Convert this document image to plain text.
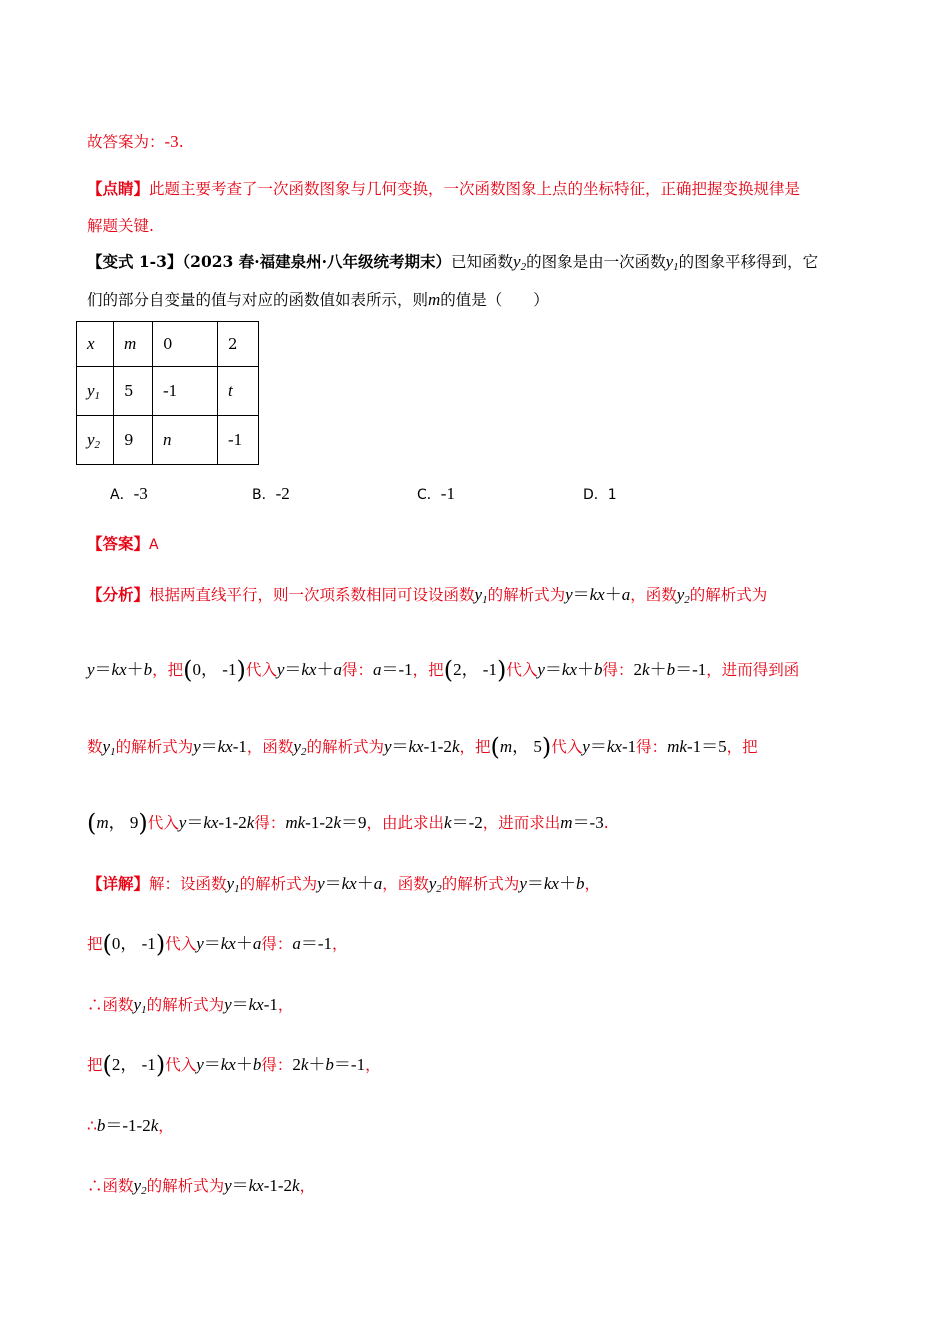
故答案为：-3.
【点睛】此题主要考查了一次函数图象与几何变换，一次函数图象上点的坐标特征，正确把握变换规律是
解题关键.
【变式 1-3】（2023 春·福建泉州·八年级统考期末）已知函数$y_2$的图象是由一次函数$y_1$的图象平移得到，它
们的部分自变量的值与对应的函数值如表所示，则m的值是（　　）
x	m	0	2
$y_1$	5	-1	t
$y_2$	9	n	-1
A．-3	B．-2	C．-1	D．1
【答案】A
【分析】根据两直线平行，则一次项系数相同可设设函数$y_1$的解析式为y＝kx＋a，函数$y_2$的解析式为
y＝kx＋b，把(0， -1)代入y＝kx＋a得：a＝-1，把(2， -1)代入y＝kx＋b得：2k＋b＝-1，进而得到函
数$y_1$的解析式为y＝kx-1，函数$y_2$的解析式为y＝kx-1-2k，把(m， 5)代入y＝kx-1得：mk-1＝5，把
(m， 9)代入y＝kx-1-2k得：mk-1-2k＝9，由此求出k＝-2，进而求出m＝-3.
【详解】解：设函数$y_1$的解析式为y＝kx＋a，函数$y_2$的解析式为y＝kx＋b，
把(0， -1)代入y＝kx＋a得：a＝-1，
∴函数$y_1$的解析式为y＝kx-1，
把(2， -1)代入y＝kx＋b得：2k＋b＝-1，
∴b＝-1-2k，
∴函数$y_2$的解析式为y＝kx-1-2k，
